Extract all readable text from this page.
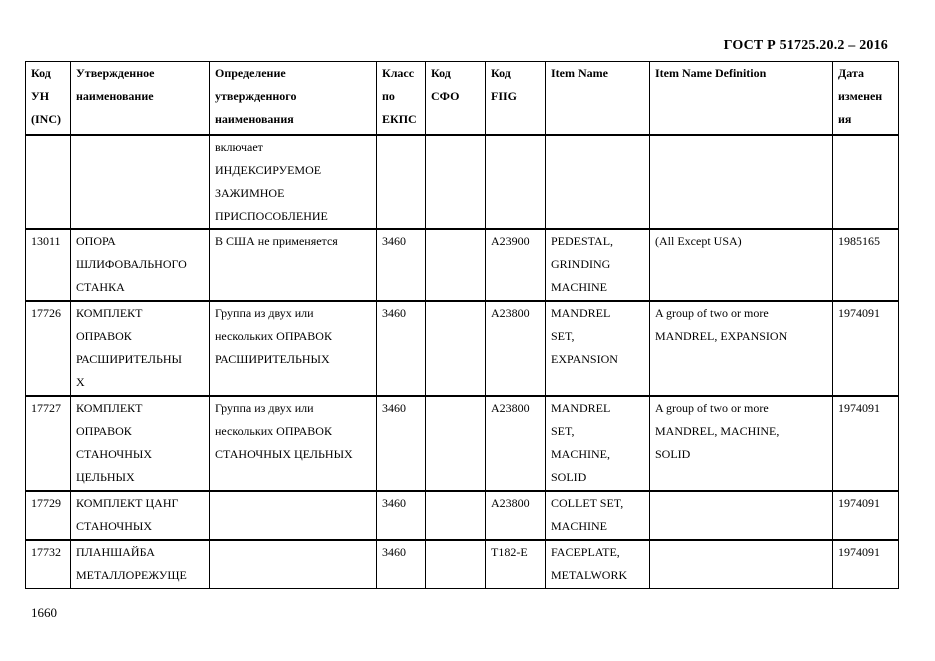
ГОСТ Р 51725.20.2 – 2016
Код
УН
(INC)	Утвержденное
наименование	Определение
утвержденного
наименования	Класс
по
ЕКПС	Код
СФО	Код
FIIG	Item Name	Item Name Definition	Дата
изменен
ия

		включает
ИНДЕКСИРУЕМОЕ
ЗАЖИМНОЕ
ПРИСПОСОБЛЕНИЕ						

13011	ОПОРА
ШЛИФОВАЛЬНОГО
СТАНКА	В США не применяется	3460		A23900	PEDESTAL,
GRINDING
MACHINE	(All Except USA)	1985165

17726	КОМПЛЕКТ
ОПРАВОК
РАСШИРИТЕЛЬНЫ
Х	Группа из двух или
нескольких ОПРАВОК
РАСШИРИТЕЛЬНЫХ	3460		A23800	MANDREL
SET,
EXPANSION	A group of two or more
MANDREL, EXPANSION	1974091

17727	КОМПЛЕКТ
ОПРАВОК
СТАНОЧНЫХ
ЦЕЛЬНЫХ	Группа из двух или
нескольких ОПРАВОК
СТАНОЧНЫХ ЦЕЛЬНЫХ	3460		A23800	MANDREL
SET,
MACHINE,
SOLID	A group of two or more
MANDREL, MACHINE,
SOLID	1974091

17729	КОМПЛЕКТ ЦАНГ
СТАНОЧНЫХ		3460		A23800	COLLET SET,
MACHINE		1974091

17732	ПЛАНШАЙБА
МЕТАЛЛОРЕЖУЩЕ		3460		T182-E	FACEPLATE,
METALWORK		1974091
1660
